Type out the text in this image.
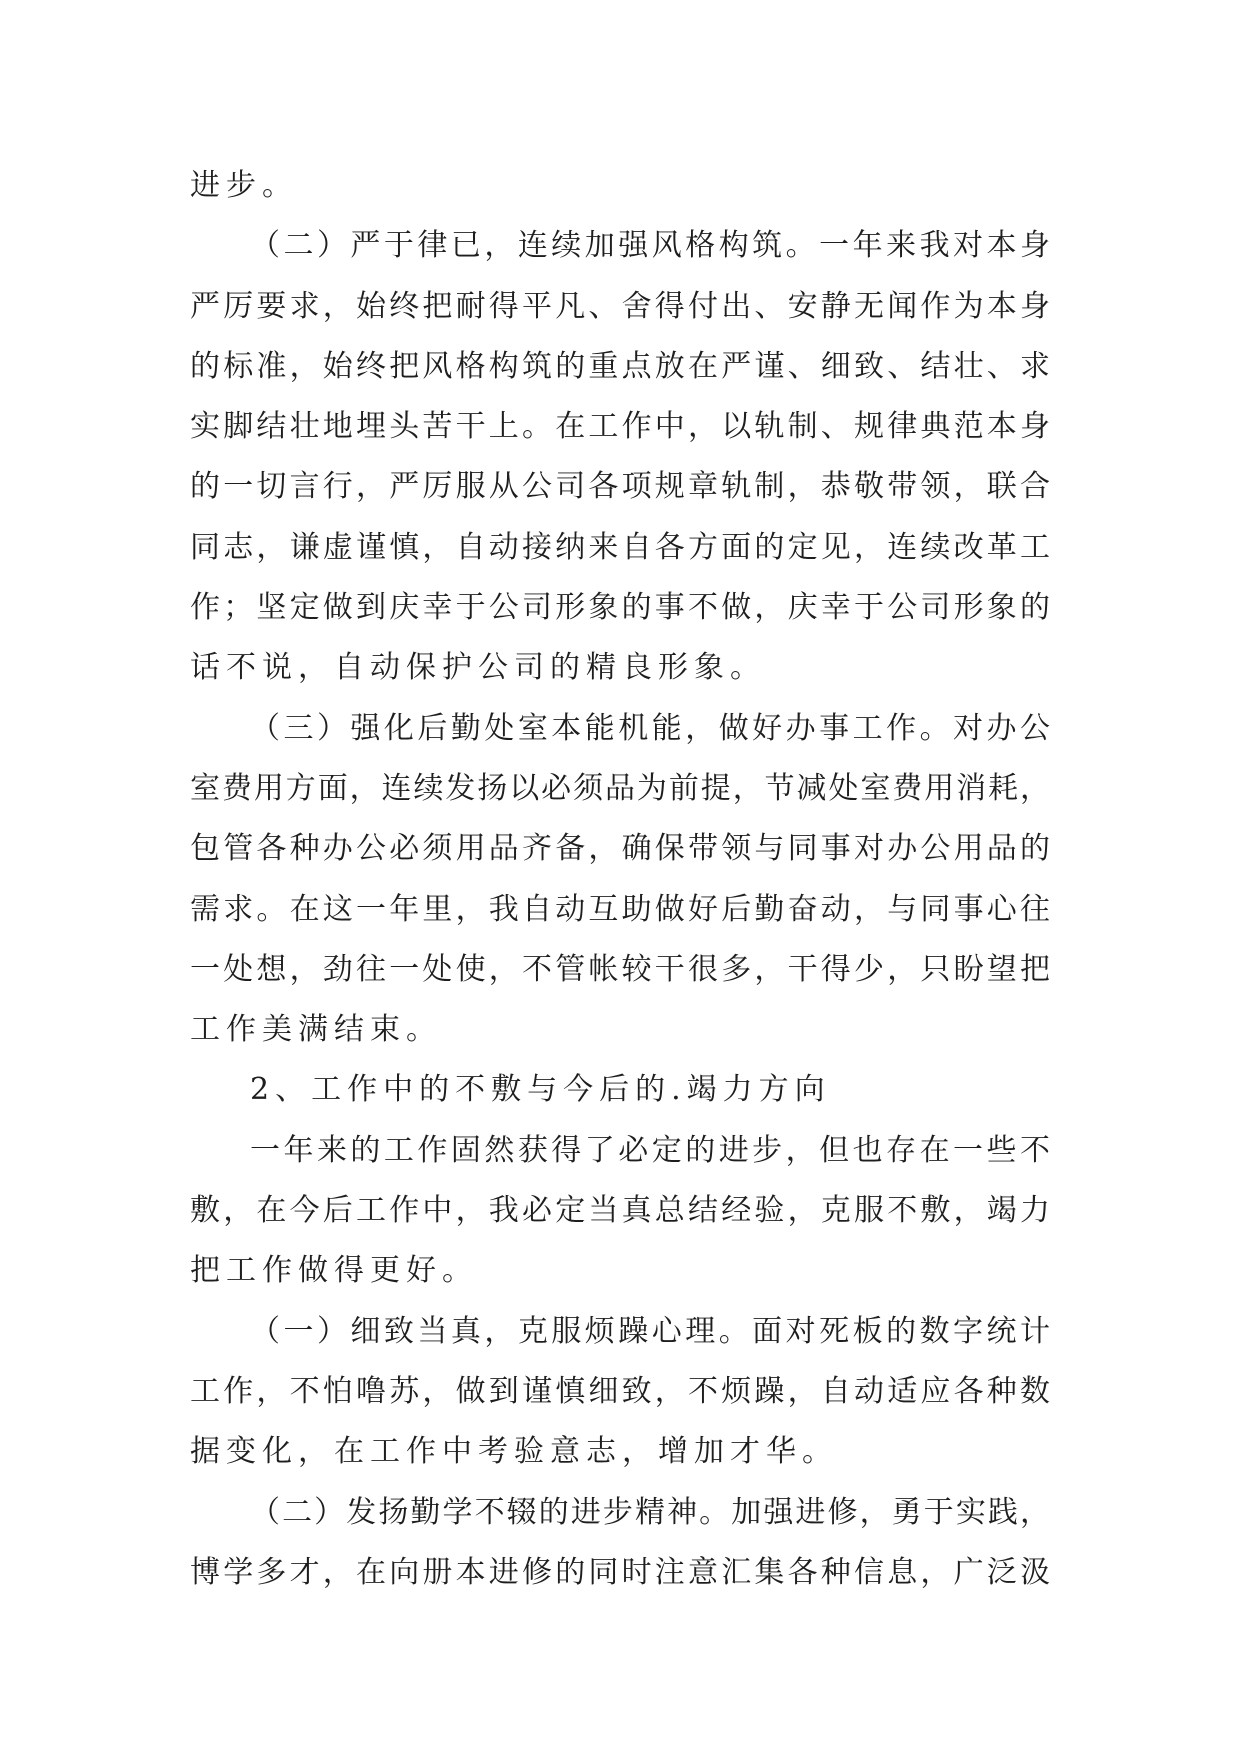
进步。
（二）严于律已，连续加强风格构筑。一年来我对本身
严厉要求，始终把耐得平凡、舍得付出、安静无闻作为本身
的标准，始终把风格构筑的重点放在严谨、细致、结壮、求
实脚结壮地埋头苦干上。在工作中，以轨制、规律典范本身
的一切言行，严厉服从公司各项规章轨制，恭敬带领，联合
同志，谦虚谨慎，自动接纳来自各方面的定见，连续改革工
作；坚定做到庆幸于公司形象的事不做，庆幸于公司形象的
话不说，自动保护公司的精良形象。
（三）强化后勤处室本能机能，做好办事工作。对办公
室费用方面，连续发扬以必须品为前提，节减处室费用消耗，
包管各种办公必须用品齐备，确保带领与同事对办公用品的
需求。在这一年里，我自动互助做好后勤奋动，与同事心往
一处想，劲往一处使，不管帐较干很多，干得少，只盼望把
工作美满结束。
2、工作中的不敷与今后的.竭力方向
一年来的工作固然获得了必定的进步，但也存在一些不
敷，在今后工作中，我必定当真总结经验，克服不敷，竭力
把工作做得更好。
（一）细致当真，克服烦躁心理。面对死板的数字统计
工作，不怕噜苏，做到谨慎细致，不烦躁，自动适应各种数
据变化，在工作中考验意志，增加才华。
（二）发扬勤学不辍的进步精神。加强进修，勇于实践，
博学多才，在向册本进修的同时注意汇集各种信息，广泛汲
